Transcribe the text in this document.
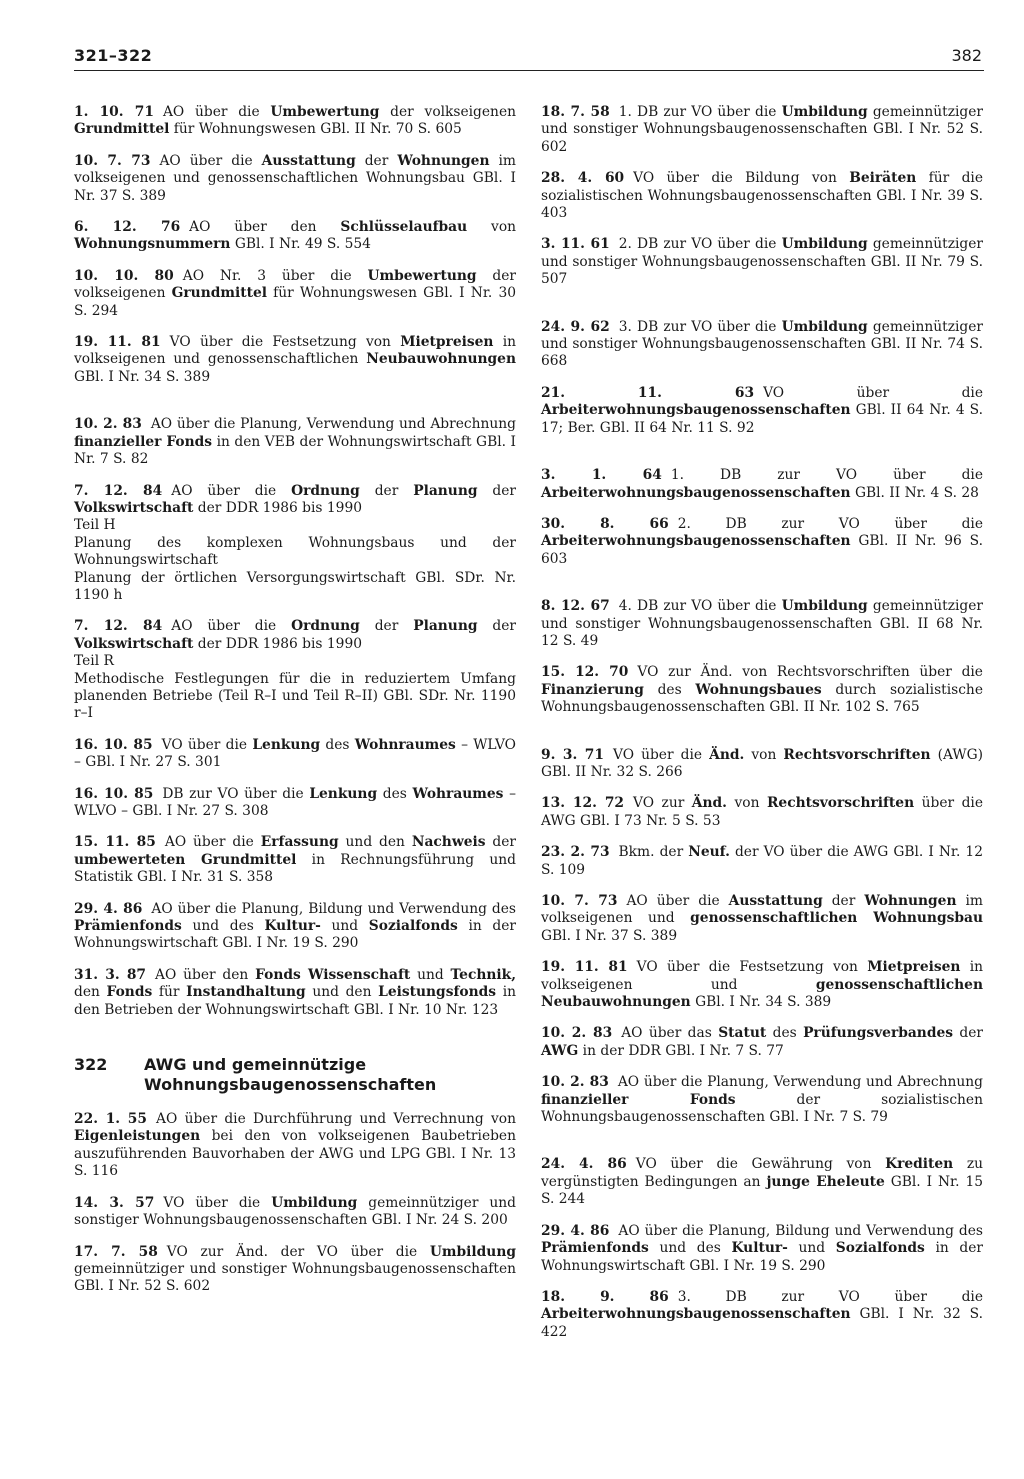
321–322	382

1. 10. 71 AO über die Umbewertung der volkseigenen Grundmittel für Wohnungswesen GBl. II Nr. 70 S. 605

10. 7. 73 AO über die Ausstattung der Wohnungen im volkseigenen und genossenschaftlichen Wohnungsbau GBl. I Nr. 37 S. 389

6. 12. 76 AO über den Schlüsselaufbau von Wohnungsnummern GBl. I Nr. 49 S. 554

10. 10. 80 AO Nr. 3 über die Umbewertung der volkseigenen Grundmittel für Wohnungswesen GBl. I Nr. 30 S. 294

19. 11. 81 VO über die Festsetzung von Mietpreisen in volkseigenen und genossenschaftlichen Neubauwohnungen GBl. I Nr. 34 S. 389

10. 2. 83 AO über die Planung, Verwendung und Abrechnung finanzieller Fonds in den VEB der Wohnungswirtschaft GBl. I Nr. 7 S. 82

7. 12. 84 AO über die Ordnung der Planung der Volkswirtschaft der DDR 1986 bis 1990
Teil H
Planung des komplexen Wohnungsbaus und der Wohnungswirtschaft
Planung der örtlichen Versorgungswirtschaft GBl. SDr. Nr. 1190 h

7. 12. 84 AO über die Ordnung der Planung der Volkswirtschaft der DDR 1986 bis 1990
Teil R
Methodische Festlegungen für die in reduziertem Umfang planenden Betriebe (Teil R–I und Teil R–II) GBl. SDr. Nr. 1190 r–I

16. 10. 85 VO über die Lenkung des Wohnraumes – WLVO – GBl. I Nr. 27 S. 301

16. 10. 85 DB zur VO über die Lenkung des Wohraumes – WLVO – GBl. I Nr. 27 S. 308

15. 11. 85 AO über die Erfassung und den Nachweis der umbewerteten Grundmittel in Rechnungsführung und Statistik GBl. I Nr. 31 S. 358

29. 4. 86 AO über die Planung, Bildung und Verwendung des Prämienfonds und des Kultur- und Sozialfonds in der Wohnungswirtschaft GBl. I Nr. 19 S. 290

31. 3. 87 AO über den Fonds Wissenschaft und Technik, den Fonds für Instandhaltung und den Leistungsfonds in den Betrieben der Wohnungswirtschaft GBl. I Nr. 10 Nr. 123

322	AWG und gemeinnützige Wohnungsbaugenossenschaften

22. 1. 55 AO über die Durchführung und Verrechnung von Eigenleistungen bei den von volkseigenen Baubetrieben auszuführenden Bauvorhaben der AWG und LPG GBl. I Nr. 13 S. 116

14. 3. 57 VO über die Umbildung gemeinnütziger und sonstiger Wohnungsbaugenossenschaften GBl. I Nr. 24 S. 200

17. 7. 58 VO zur Änd. der VO über die Umbildung gemeinnütziger und sonstiger Wohnungsbaugenossenschaften GBl. I Nr. 52 S. 602

18. 7. 58 1. DB zur VO über die Umbildung gemeinnütziger und sonstiger Wohnungsbaugenossenschaften GBl. I Nr. 52 S. 602

28. 4. 60 VO über die Bildung von Beiräten für die sozialistischen Wohnungsbaugenossenschaften GBl. I Nr. 39 S. 403

3. 11. 61 2. DB zur VO über die Umbildung gemeinnütziger und sonstiger Wohnungsbaugenossenschaften GBl. II Nr. 79 S. 507

24. 9. 62 3. DB zur VO über die Umbildung gemeinnütziger und sonstiger Wohnungsbaugenossenschaften GBl. II Nr. 74 S. 668

21. 11. 63 VO über die Arbeiterwohnungsbaugenossenschaften GBl. II 64 Nr. 4 S. 17; Ber. GBl. II 64 Nr. 11 S. 92

3. 1. 64 1. DB zur VO über die Arbeiterwohnungsbaugenossenschaften GBl. II Nr. 4 S. 28

30. 8. 66 2. DB zur VO über die Arbeiterwohnungsbaugenossenschaften GBl. II Nr. 96 S. 603

8. 12. 67 4. DB zur VO über die Umbildung gemeinnütziger und sonstiger Wohnungsbaugenossenschaften GBl. II 68 Nr. 12 S. 49

15. 12. 70 VO zur Änd. von Rechtsvorschriften über die Finanzierung des Wohnungsbaues durch sozialistische Wohnungsbaugenossenschaften GBl. II Nr. 102 S. 765

9. 3. 71 VO über die Änd. von Rechtsvorschriften (AWG) GBl. II Nr. 32 S. 266

13. 12. 72 VO zur Änd. von Rechtsvorschriften über die AWG GBl. I 73 Nr. 5 S. 53

23. 2. 73 Bkm. der Neuf. der VO über die AWG GBl. I Nr. 12 S. 109

10. 7. 73 AO über die Ausstattung der Wohnungen im volkseigenen und genossenschaftlichen Wohnungsbau GBl. I Nr. 37 S. 389

19. 11. 81 VO über die Festsetzung von Mietpreisen in volkseigenen und genossenschaftlichen Neubauwohnungen GBl. I Nr. 34 S. 389

10. 2. 83 AO über das Statut des Prüfungsverbandes der AWG in der DDR GBl. I Nr. 7 S. 77

10. 2. 83 AO über die Planung, Verwendung und Abrechnung finanzieller Fonds der sozialistischen Wohnungsbaugenossenschaften GBl. I Nr. 7 S. 79

24. 4. 86 VO über die Gewährung von Krediten zu vergünstigten Bedingungen an junge Eheleute GBl. I Nr. 15 S. 244

29. 4. 86 AO über die Planung, Bildung und Verwendung des Prämienfonds und des Kultur- und Sozialfonds in der Wohnungswirtschaft GBl. I Nr. 19 S. 290

18. 9. 86 3. DB zur VO über die Arbeiterwohnungsbaugenossenschaften GBl. I Nr. 32 S. 422
